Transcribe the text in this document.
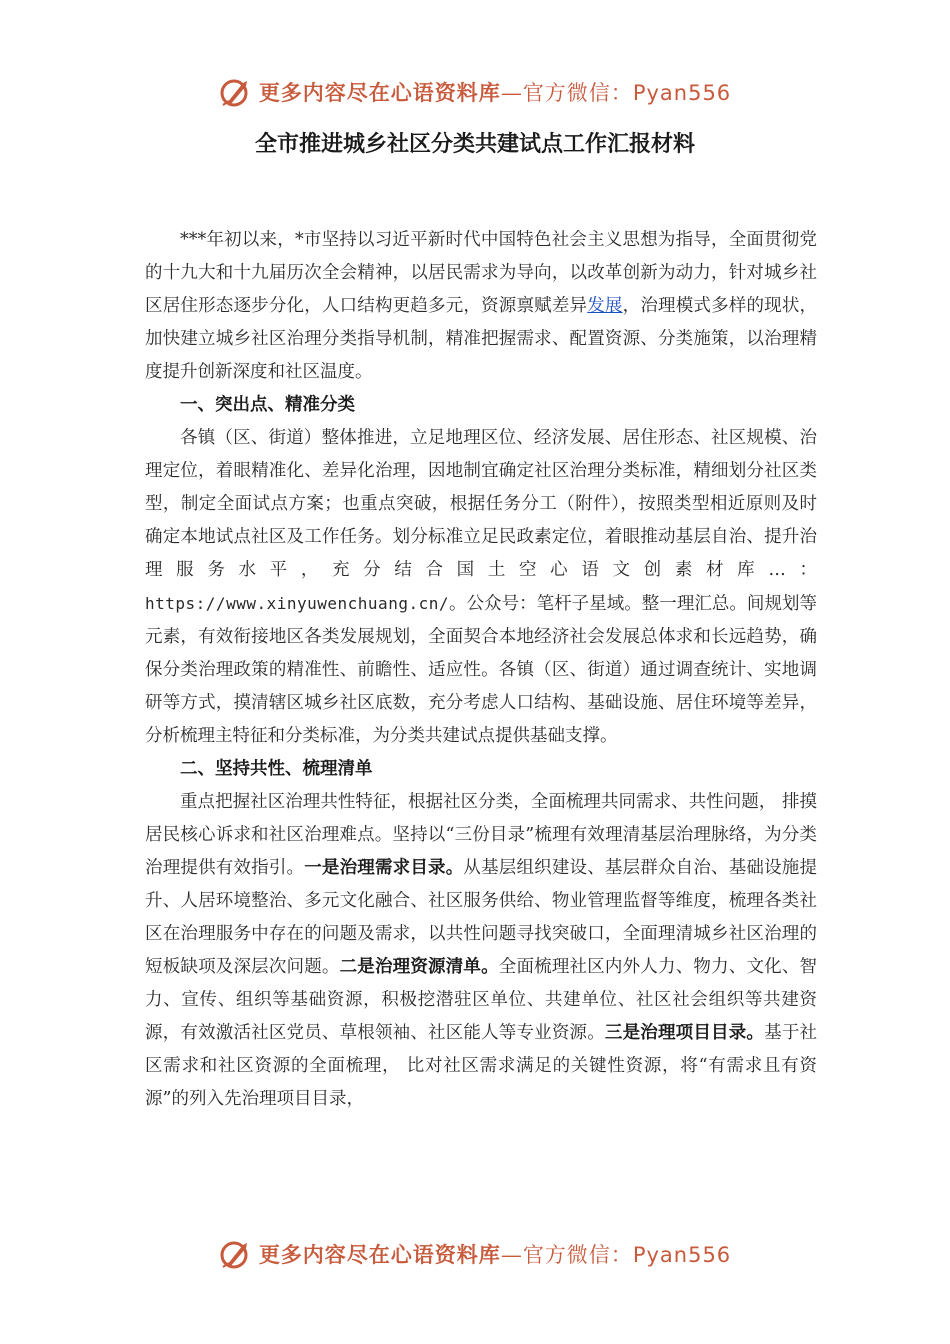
更多内容尽在心语资料库—官方微信：Pyan556
全市推进城乡社区分类共建试点工作汇报材料

***年初以来，*市坚持以习近平新时代中国特色社会主义思想为指导，全面贯彻党的十九大和十九届历次全会精神，以居民需求为导向，以改革创新为动力，针对城乡社区居住形态逐步分化，人口结构更趋多元，资源禀赋差异发展，治理模式多样的现状，加快建立城乡社区治理分类指导机制，精准把握需求、配置资源、分类施策，以治理精度提升创新深度和社区温度。

一、突出点、精准分类

各镇（区、街道）整体推进，立足地理区位、经济发展、居住形态、社区规模、治理定位，着眼精准化、差异化治理，因地制宜确定社区治理分类标准，精细划分社区类型，制定全面试点方案；也重点突破，根据任务分工（附件），按照类型相近原则及时确定本地试点社区及工作任务。划分标准立足民政素定位，着眼推动基层自治、提升治理服务水平，充分结合国土空心语文创素材库…：https://www.xinyuwenchuang.cn/。公众号：笔杆子星域。整一理汇总。间规划等元素，有效衔接地区各类发展规划，全面契合本地经济社会发展总体求和长远趋势，确保分类治理政策的精准性、前瞻性、适应性。各镇（区、街道）通过调查统计、实地调研等方式，摸清辖区城乡社区底数，充分考虑人口结构、基础设施、居住环境等差异，分析梳理主特征和分类标准，为分类共建试点提供基础支撑。

二、坚持共性、梳理清单

重点把握社区治理共性特征，根据社区分类，全面梳理共同需求、共性问题， 排摸居民核心诉求和社区治理难点。坚持以“三份目录”梳理有效理清基层治理脉络，为分类治理提供有效指引。一是治理需求目录。从基层组织建设、基层群众自治、基础设施提升、人居环境整治、多元文化融合、社区服务供给、物业管理监督等维度，梳理各类社区在治理服务中存在的问题及需求，以共性问题寻找突破口，全面理清城乡社区治理的短板缺项及深层次问题。二是治理资源清单。全面梳理社区内外人力、物力、文化、智力、宣传、组织等基础资源，积极挖潜驻区单位、共建单位、社区社会组织等共建资源，有效激活社区党员、草根领袖、社区能人等专业资源。三是治理项目目录。基于社区需求和社区资源的全面梳理， 比对社区需求满足的关键性资源，将“有需求且有资源”的列入先治理项目目录，

更多内容尽在心语资料库—官方微信：Pyan556
